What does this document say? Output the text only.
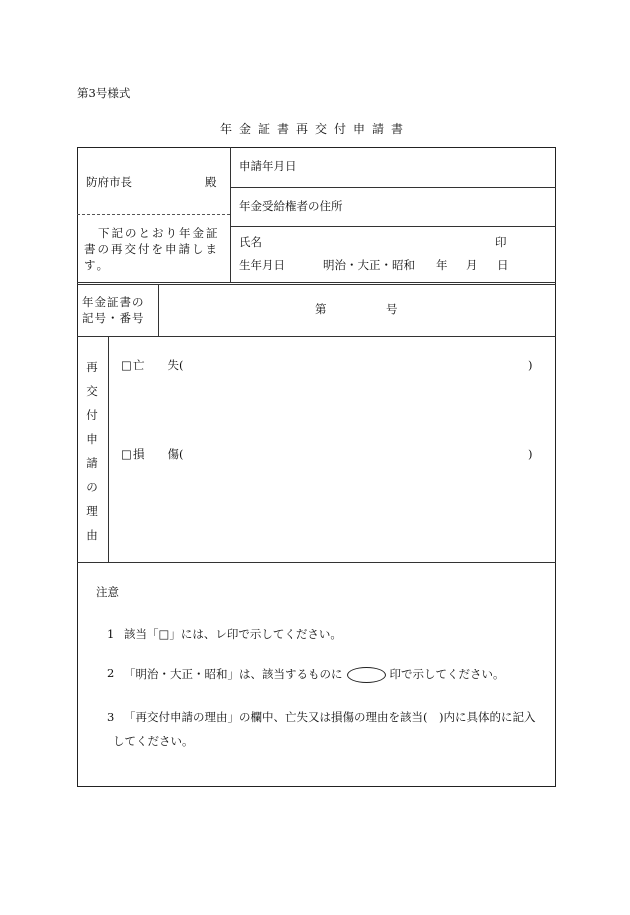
第3号様式
年金証書再交付申請書
防府市長	殿
下記のとおり年金証書の再交付を申請します。
申請年月日
年金受給権者の住所
氏名	印
生年月日	明治・大正・昭和 年 月 日
年金証書の記号・番号
第	号
再
交
付
申
請
の
理
由
□ 亡　　失(	)
□ 損　　傷(	)
注意
1 該当「□」には、レ印で示してください。
2 「明治・大正・昭和」は、該当するものに	印で示してください。
3 「再交付申請の理由」の欄中、亡失又は損傷の理由を該当(　)内に具体的に記入
してください。
